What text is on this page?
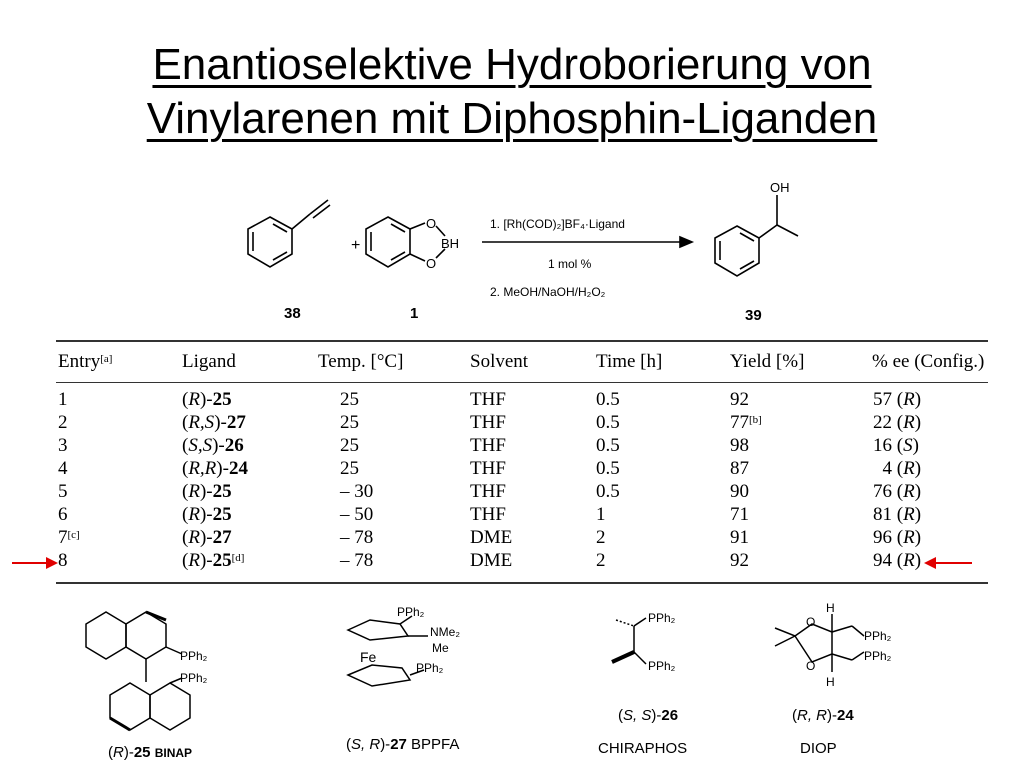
Enantioselektive Hydroborierung von
Vinylarenen mit Diphosphin-Liganden
+
O
BH
O
OH
1. [Rh(COD)₂]BF₄·Ligand
1 mol %
2. MeOH/NaOH/H₂O₂
38	1	39
Entry[a]	Ligand	Temp. [°C]	Solvent	Time [h]	Yield [%]	% ee (Config.)
1	(R)-25	25	THF	0.5	92	57 (R)
2	(R,S)-27	25	THF	0.5	77[b]	22 (R)
3	(S,S)-26	25	THF	0.5	98	16 (S)
4	(R,R)-24	25	THF	0.5	87	4 (R)
5	(R)-25	– 30	THF	0.5	90	76 (R)
6	(R)-25	– 50	THF	1	71	81 (R)
7[c]	(R)-27	– 78	DME	2	91	96 (R)
8	(R)-25[d]	– 78	DME	2	92	94 (R)
PPh₂
PPh₂
PPh₂
NMe₂
Me
Fe
PPh₂
PPh₂
PPh₂
H
O
O
PPh₂
PPh₂
H
(R)-25 BINAP	(S, R)-27 BPPFA
(S, S)-26
CHIRAPHOS
(R, R)-24
DIOP
